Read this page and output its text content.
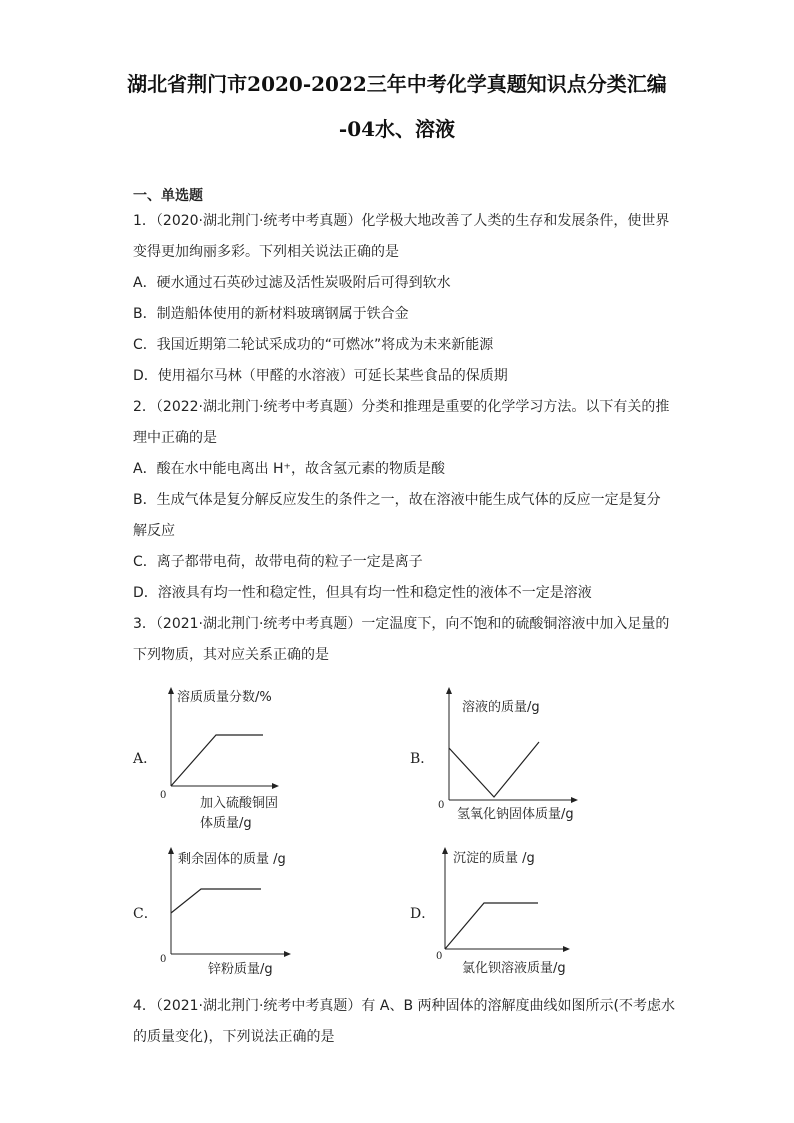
湖北省荆门市2020-2022三年中考化学真题知识点分类汇编
-04水、溶液
一、单选题
1．（2020·湖北荆门·统考中考真题）化学极大地改善了人类的生存和发展条件，使世界
变得更加绚丽多彩。下列相关说法正确的是
A．硬水通过石英砂过滤及活性炭吸附后可得到软水
B．制造船体使用的新材料玻璃钢属于铁合金
C．我国近期第二轮试采成功的“可燃冰”将成为未来新能源
D．使用福尔马林（甲醛的水溶液）可延长某些食品的保质期
2．（2022·湖北荆门·统考中考真题）分类和推理是重要的化学学习方法。以下有关的推
理中正确的是
A．酸在水中能电离出 H⁺，故含氢元素的物质是酸
B．生成气体是复分解反应发生的条件之一，故在溶液中能生成气体的反应一定是复分
解反应
C．离子都带电荷，故带电荷的粒子一定是离子
D．溶液具有均一性和稳定性，但具有均一性和稳定性的液体不一定是溶液
3．（2021·湖北荆门·统考中考真题）一定温度下，向不饱和的硫酸铜溶液中加入足量的
下列物质，其对应关系正确的是
A．	B．
C．	D．
溶质质量分数/%
0
加入硫酸铜固
体质量/g
溶液的质量/g
0
氢氧化钠固体质量/g
剩余固体的质量 /g
0
锌粉质量/g
沉淀的质量 /g
0
氯化钡溶液质量/g
4．（2021·湖北荆门·统考中考真题）有 A、B 两种固体的溶解度曲线如图所示(不考虑水
的质量变化)，下列说法正确的是
